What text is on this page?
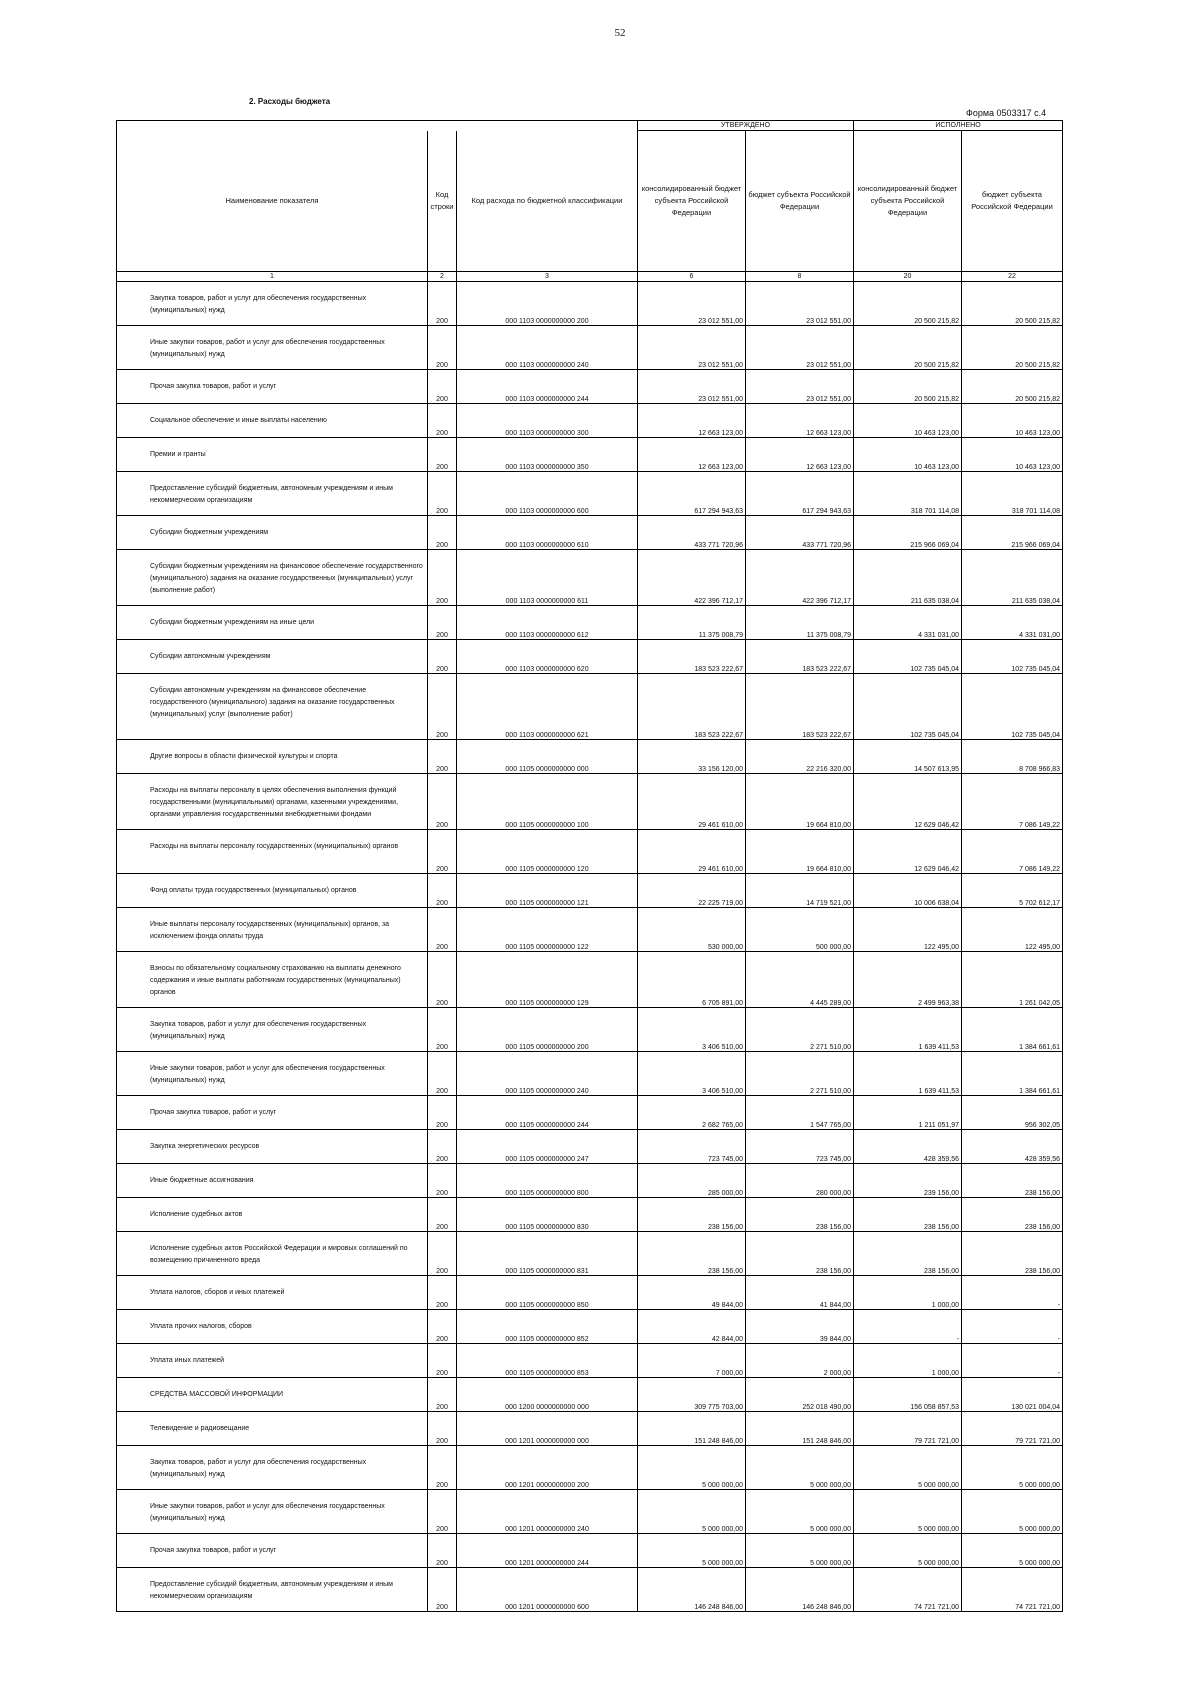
52
2. Расходы бюджета
Форма 0503317 с.4
			УТВЕРЖДЕНО		ИСПОЛНЕНО	
Наименование показателя	Код строки	Код расхода по бюджетной классификации	консолидированный бюджет субъекта Российской Федерации	бюджет субъекта Российской Федерации	консолидированный бюджет субъекта Российской Федерации	бюджет субъекта Российской Федерации
1	2	3	6	8	20	22
Закупка товаров, работ и услуг для обеспечения государственных (муниципальных) нужд	200	000 1103 0000000000 200	23 012 551,00	23 012 551,00	20 500 215,82	20 500 215,82
Иные закупки товаров, работ и услуг для обеспечения государственных (муниципальных) нужд	200	000 1103 0000000000 240	23 012 551,00	23 012 551,00	20 500 215,82	20 500 215,82
Прочая закупка товаров, работ и услуг	200	000 1103 0000000000 244	23 012 551,00	23 012 551,00	20 500 215,82	20 500 215,82
Социальное обеспечение и иные выплаты населению	200	000 1103 0000000000 300	12 663 123,00	12 663 123,00	10 463 123,00	10 463 123,00
Премии и гранты	200	000 1103 0000000000 350	12 663 123,00	12 663 123,00	10 463 123,00	10 463 123,00
Предоставление субсидий бюджетным, автономным учреждениям и иным некоммерческим организациям	200	000 1103 0000000000 600	617 294 943,63	617 294 943,63	318 701 114,08	318 701 114,08
Субсидии бюджетным учреждениям	200	000 1103 0000000000 610	433 771 720,96	433 771 720,96	215 966 069,04	215 966 069,04
Субсидии бюджетным учреждениям на финансовое обеспечение государственного (муниципального) задания на оказание государственных (муниципальных) услуг (выполнение работ)	200	000 1103 0000000000 611	422 396 712,17	422 396 712,17	211 635 038,04	211 635 038,04
Субсидии бюджетным учреждениям на иные цели	200	000 1103 0000000000 612	11 375 008,79	11 375 008,79	4 331 031,00	4 331 031,00
Субсидии автономным учреждениям	200	000 1103 0000000000 620	183 523 222,67	183 523 222,67	102 735 045,04	102 735 045,04
Субсидии автономным учреждениям на финансовое обеспечение государственного (муниципального) задания на оказание государственных (муниципальных) услуг (выполнение работ)	200	000 1103 0000000000 621	183 523 222,67	183 523 222,67	102 735 045,04	102 735 045,04
Другие вопросы в области физической культуры и спорта	200	000 1105 0000000000 000	33 156 120,00	22 216 320,00	14 507 613,95	8 708 966,83
Расходы на выплаты персоналу в целях обеспечения выполнения функций государственными (муниципальными) органами, казенными учреждениями, органами управления государственными внебюджетными фондами	200	000 1105 0000000000 100	29 461 610,00	19 664 810,00	12 629 046,42	7 086 149,22
Расходы на выплаты персоналу государственных (муниципальных) органов	200	000 1105 0000000000 120	29 461 610,00	19 664 810,00	12 629 046,42	7 086 149,22
Фонд оплаты труда государственных (муниципальных) органов	200	000 1105 0000000000 121	22 225 719,00	14 719 521,00	10 006 638,04	5 702 612,17
Иные выплаты персоналу государственных (муниципальных) органов, за исключением фонда оплаты труда	200	000 1105 0000000000 122	530 000,00	500 000,00	122 495,00	122 495,00
Взносы по обязательному социальному страхованию на выплаты денежного содержания и иные выплаты работникам государственных (муниципальных) органов	200	000 1105 0000000000 129	6 705 891,00	4 445 289,00	2 499 963,38	1 261 042,05
Закупка товаров, работ и услуг для обеспечения государственных (муниципальных) нужд	200	000 1105 0000000000 200	3 406 510,00	2 271 510,00	1 639 411,53	1 384 661,61
Иные закупки товаров, работ и услуг для обеспечения государственных (муниципальных) нужд	200	000 1105 0000000000 240	3 406 510,00	2 271 510,00	1 639 411,53	1 384 661,61
Прочая закупка товаров, работ и услуг	200	000 1105 0000000000 244	2 682 765,00	1 547 765,00	1 211 051,97	956 302,05
Закупка энергетических ресурсов	200	000 1105 0000000000 247	723 745,00	723 745,00	428 359,56	428 359,56
Иные бюджетные ассигнования	200	000 1105 0000000000 800	285 000,00	280 000,00	239 156,00	238 156,00
Исполнение судебных актов	200	000 1105 0000000000 830	238 156,00	238 156,00	238 156,00	238 156,00
Исполнение судебных актов Российской Федерации и мировых соглашений по возмещению причиненного вреда	200	000 1105 0000000000 831	238 156,00	238 156,00	238 156,00	238 156,00
Уплата налогов, сборов и иных платежей	200	000 1105 0000000000 850	49 844,00	41 844,00	1 000,00	-
Уплата прочих налогов, сборов	200	000 1105 0000000000 852	42 844,00	39 844,00	-	-
Уплата иных платежей	200	000 1105 0000000000 853	7 000,00	2 000,00	1 000,00	-
СРЕДСТВА МАССОВОЙ ИНФОРМАЦИИ	200	000 1200 0000000000 000	309 775 703,00	252 018 490,00	156 058 857,53	130 021 004,04
Телевидение и радиовещание	200	000 1201 0000000000 000	151 248 846,00	151 248 846,00	79 721 721,00	79 721 721,00
Закупка товаров, работ и услуг для обеспечения государственных (муниципальных) нужд	200	000 1201 0000000000 200	5 000 000,00	5 000 000,00	5 000 000,00	5 000 000,00
Иные закупки товаров, работ и услуг для обеспечения государственных (муниципальных) нужд	200	000 1201 0000000000 240	5 000 000,00	5 000 000,00	5 000 000,00	5 000 000,00
Прочая закупка товаров, работ и услуг	200	000 1201 0000000000 244	5 000 000,00	5 000 000,00	5 000 000,00	5 000 000,00
Предоставление субсидий бюджетным, автономным учреждениям и иным некоммерческим организациям	200	000 1201 0000000000 600	146 248 846,00	146 248 846,00	74 721 721,00	74 721 721,00
